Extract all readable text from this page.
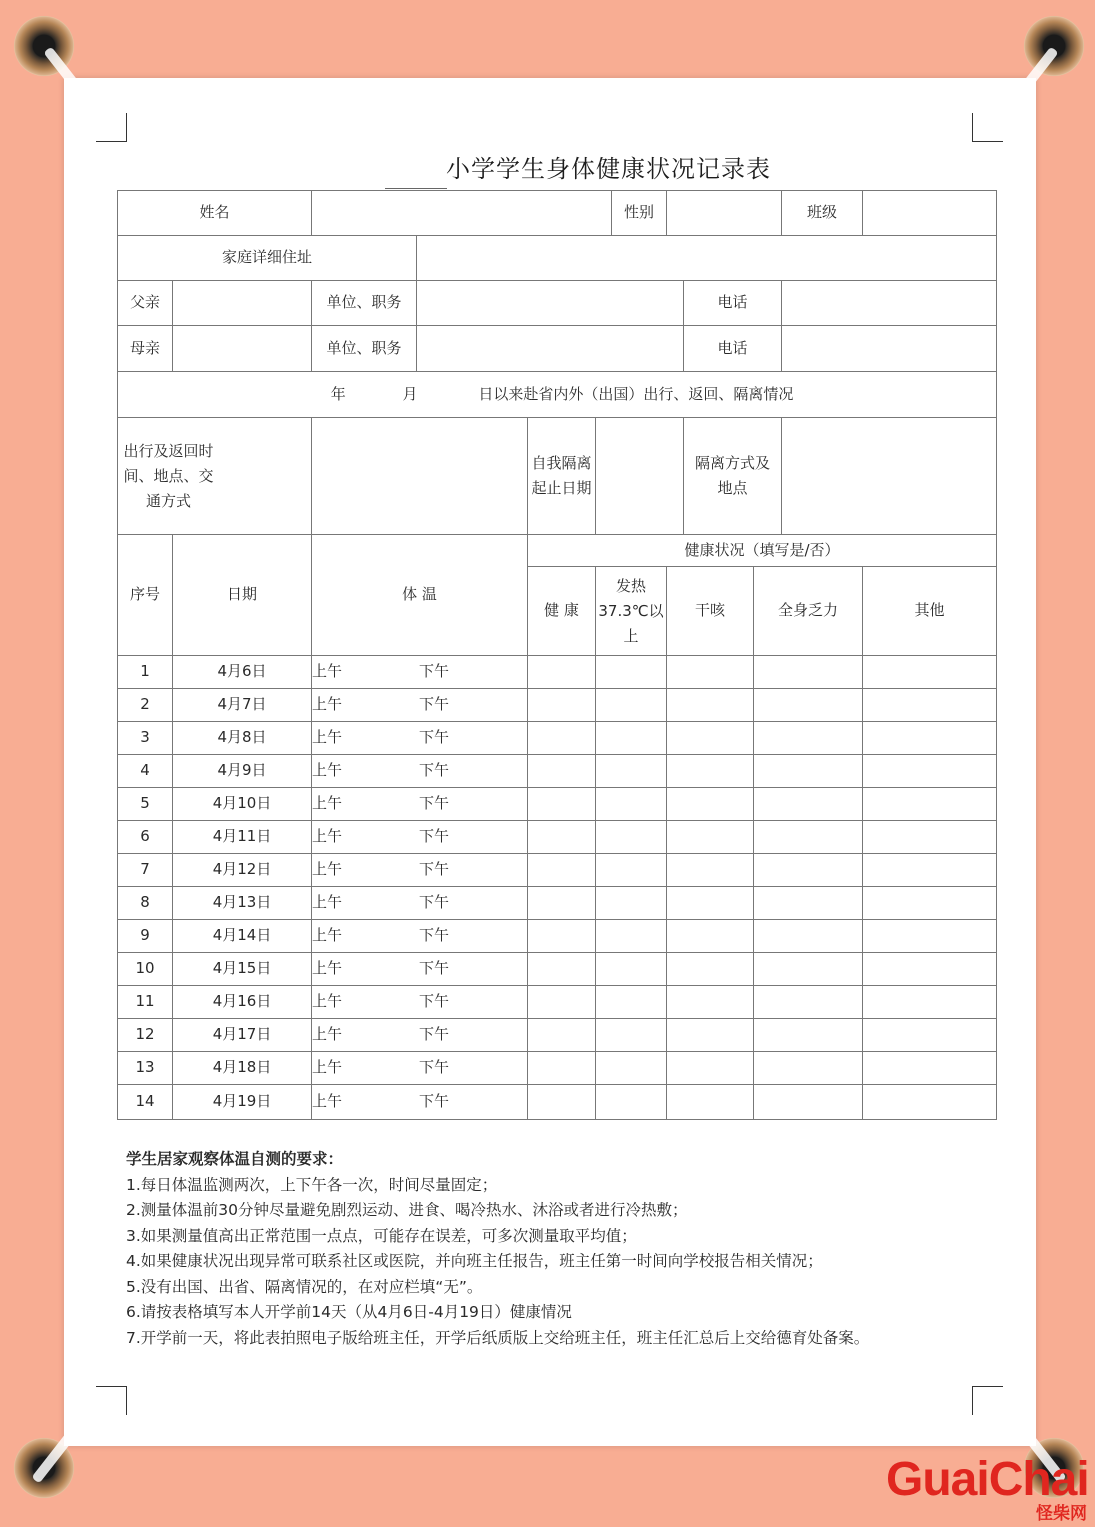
小学学生身体健康状况记录表
姓名						性别				班级	
家庭详细住址											
父亲		单位、职务						电话			
母亲		单位、职务						电话			

年 月 日以来赴省内外（出国）出行、返回、隔离情况											

出行及返回时间、地点、交通方式				自我隔离起止日期				隔离方式及地点			

序号	日期	体 温		健康状况（填写是/否）							
				健 康	发热37.3℃以上		干咳		全身乏力		其他
1	4月6日	上午 下午									

2	4月7日	上午 下午									

3	4月8日	上午 下午									

4	4月9日	上午 下午									

5	4月10日	上午 下午									

6	4月11日	上午 下午									

7	4月12日	上午 下午									

8	4月13日	上午 下午									

9	4月14日	上午 下午									

10	4月15日	上午 下午									

11	4月16日	上午 下午									

12	4月17日	上午 下午									

13	4月18日	上午 下午									

14	4月19日	上午 下午									

学生居家观察体温自测的要求：
1.每日体温监测两次，上下午各一次，时间尽量固定；
2.测量体温前30分钟尽量避免剧烈运动、进食、喝冷热水、沐浴或者进行冷热敷；
3.如果测量值高出正常范围一点点，可能存在误差，可多次测量取平均值；
4.如果健康状况出现异常可联系社区或医院，并向班主任报告，班主任第一时间向学校报告相关情况；
5.没有出国、出省、隔离情况的，在对应栏填“无”。
6.请按表格填写本人开学前14天（从4月6日-4月19日）健康情况
7.开学前一天，将此表拍照电子版给班主任，开学后纸质版上交给班主任，班主任汇总后上交给德育处备案。
GuaiChai
怪柴网
